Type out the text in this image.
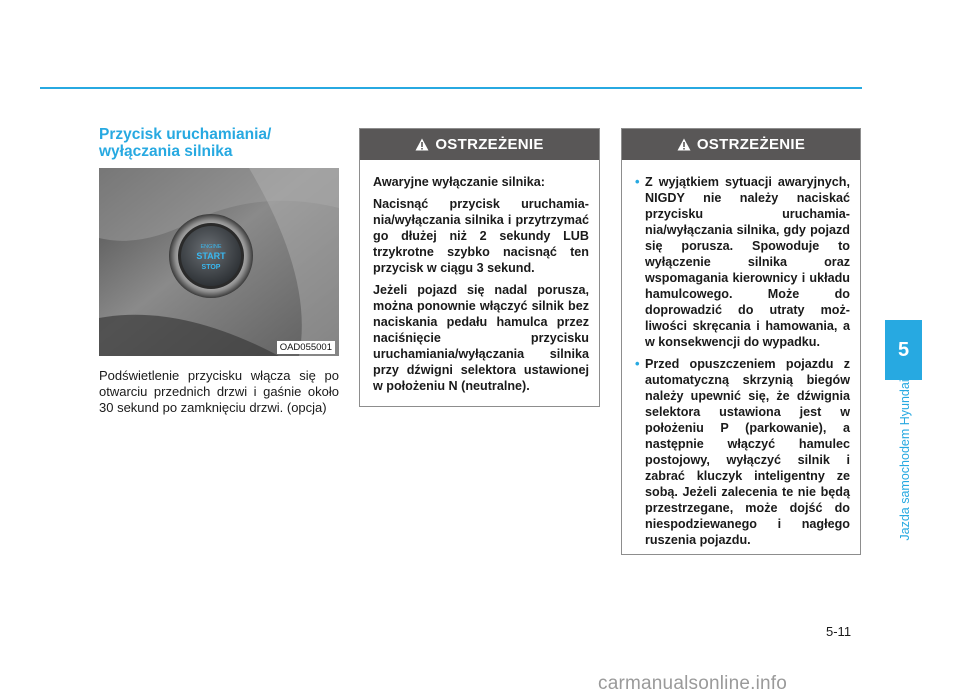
Przycisk uruchamiania/ wyłączania silnika
ENGINE
START
STOP
OAD055001

Podświetlenie przycisku włącza się po otwarciu przednich drzwi i gaśnie około 30 sekund po zamknięciu drzwi. (opcja)

OSTRZEŻENIE

Awaryjne wyłączanie silnika:

Nacisnąć przycisk uruchamiania/wyłączania silnika i przytrzymać go dłużej niż 2 sekundy LUB trzykrotne szybko nacisnąć ten przycisk w ciągu 3 sekund.

Jeżeli pojazd się nadal porusza, można ponownie włączyć silnik bez naciskania pedału hamulca przez naciśnięcie przycisku uruchamiania/wyłączania silnika przy dźwigni selektora ustawionej w położeniu N (neutralne).

OSTRZEŻENIE
• Z wyjątkiem sytuacji awaryjnych, NIGDY nie należy naciskać przycisku uruchamiania/wyłączania silnika, gdy pojazd się porusza. Spowoduje to wyłączenie silnika oraz wspomagania kierownicy i układu hamulcowego. Może do doprowadzić do utraty możliwości skręcania i hamowania, a w konsekwencji do wypadku.
• Przed opuszczeniem pojazdu z automatyczną skrzynią biegów należy upewnić się, że dźwignia selektora ustawiona jest w położeniu P (parkowanie), a następnie włączyć hamulec postojowy, wyłączyć silnik i zabrać kluczyk inteligentny ze sobą. Jeżeli zalecenia te nie będą przestrzegane, może dojść do niespodziewanego i nagłego ruszenia pojazdu.
5
Jazda samochodem Hyundai
5-11
carmanualsonline.info
